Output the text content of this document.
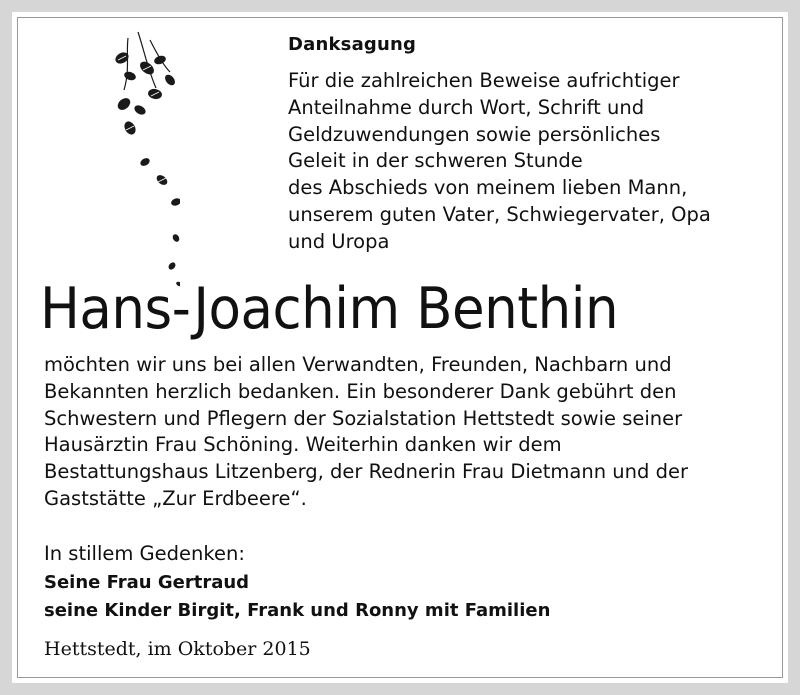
Danksagung
Für die zahlreichen Beweise aufrichtiger
Anteilnahme durch Wort, Schrift und
Geldzuwendungen sowie persönliches
Geleit in der schweren Stunde
des Abschieds von meinem lieben Mann,
unserem guten Vater, Schwiegervater, Opa
und Uropa
Hans-Joachim Benthin
möchten wir uns bei allen Verwandten, Freunden, Nachbarn und
Bekannten herzlich bedanken. Ein besonderer Dank gebührt den
Schwestern und Pflegern der Sozialstation Hettstedt sowie seiner
Hausärztin Frau Schöning. Weiterhin danken wir dem
Bestattungshaus Litzenberg, der Rednerin Frau Dietmann und der
Gaststätte „Zur Erdbeere“.
In stillem Gedenken:
Seine Frau Gertraud
seine Kinder Birgit, Frank und Ronny mit Familien
Hettstedt, im Oktober 2015
